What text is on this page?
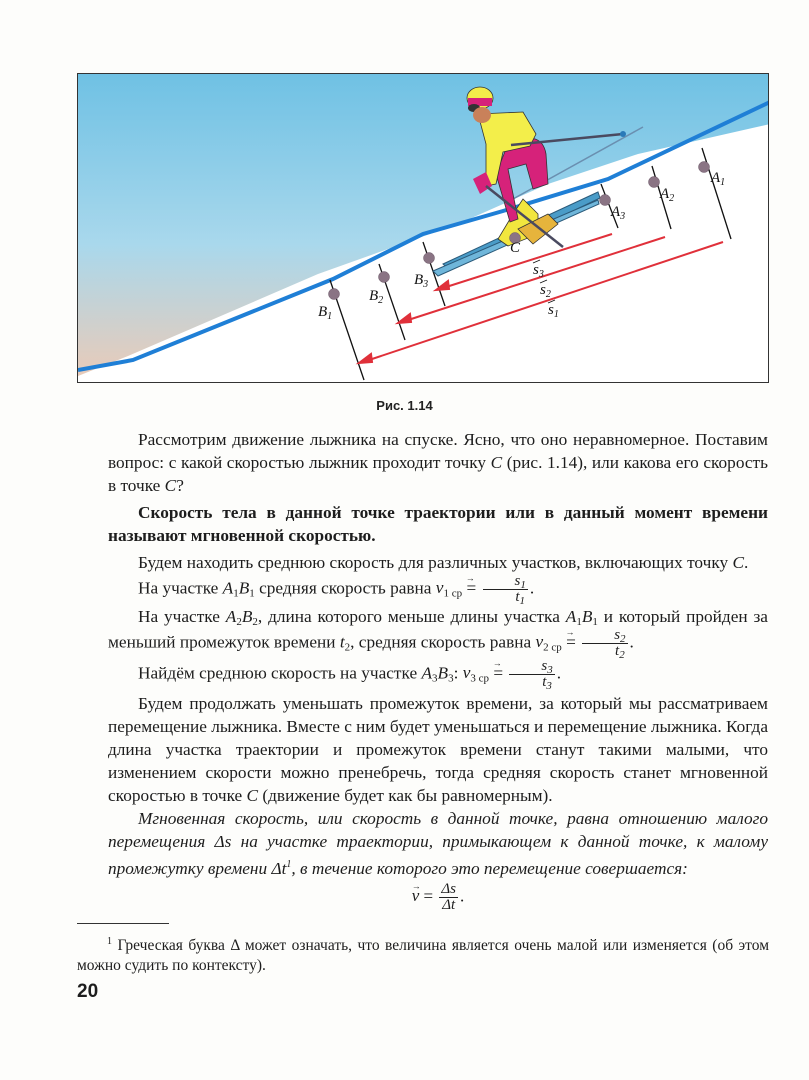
$B_1$
$B_2$
$B_3$
C
$A_3$
$A_2$
$A_1$
$s_3$
$s_2$
$s_1$
Рис. 1.14

Рассмотрим движение лыжника на спуске. Ясно, что оно неравномерное. Поставим вопрос: с какой скоростью лыжник проходит точку C (рис. 1.14), или какова его скорость в точке C?

Скорость тела в данной точке траектории или в данный момент времени называют мгновенной скоростью.

Будем находить среднюю скорость для различных участков, включающих точку C.

На участке $A_1B_1$ средняя скорость равна → $v_{1 ср} = \frac{s_1}{t_1}$ .

На участке $A_2B_2$, длина которого меньше длины участка $A_1B_1$ и который пройден за меньший промежуток времени $t_2$, средняя скорость равна → $v_{2 ср} = \frac{s_2}{t_2}$ .

Найдём среднюю скорость на участке $A_3B_3$: → $v_{3 ср} = \frac{s_3}{t_3}$ .

Будем продолжать уменьшать промежуток времени, за который мы рассматриваем перемещение лыжника. Вместе с ним будет уменьшаться и перемещение лыжника. Когда длина участка траектории и промежуток времени станут такими малыми, что изменением скорости можно пренебречь, тогда средняя скорость станет мгновенной скоростью в точке C (движение будет как бы равномерным).

Мгновенная скорость, или скорость в данной точке, равна отношению малого перемещения Δs на участке траектории, примыкающем к данной точке, к малому промежутку времени $\Delta t^1$, в течение которого это перемещение совершается:

→ $v = \frac{\Delta s}{\Delta t}$ .
$^1$ Греческая буква Δ может означать, что величина является очень малой или изменяется (об этом можно судить по контексту).
20
